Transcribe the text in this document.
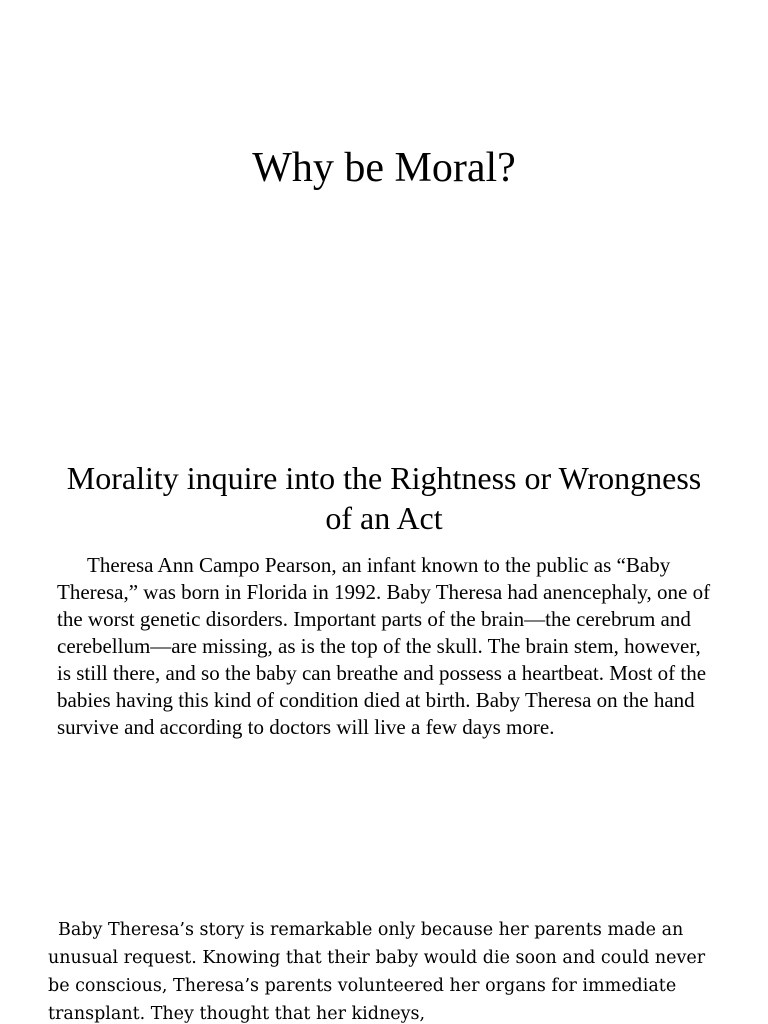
Why be Moral?
Morality inquire into the Rightness or Wrongness of an Act

Theresa Ann Campo Pearson, an infant known to the public as “Baby Theresa,” was born in Florida in 1992. Baby Theresa had anencephaly, one of the worst genetic disorders. Important parts of the brain—the cerebrum and cerebellum—are missing, as is the top of the skull. The brain stem, however, is still there, and so the baby can breathe and possess a heartbeat. Most of the babies having this kind of condition died at birth. Baby Theresa on the hand survive and according to doctors will live a few days more.

Baby Theresa’s story is remarkable only because her parents made an unusual request. Knowing that their baby would die soon and could never be conscious, Theresa’s parents volunteered her organs for immediate transplant. They thought that her kidneys,
